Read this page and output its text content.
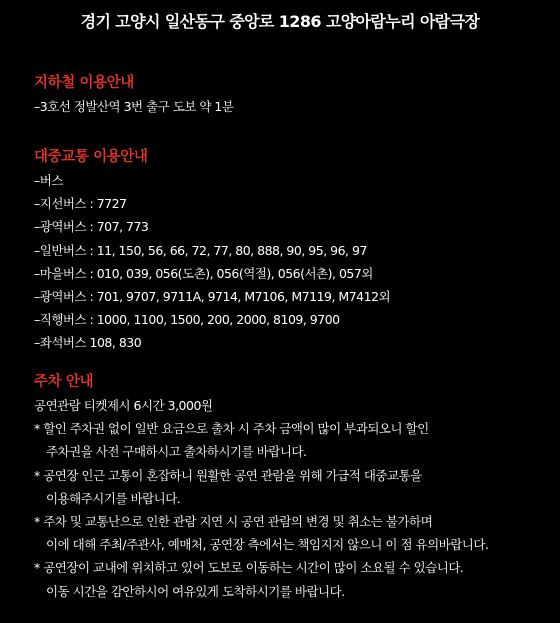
경기 고양시 일산동구 중앙로 1286 고양아람누리 아람극장
지하철 이용안내
–3호선 정발산역 3번 출구 도보 약 1분
대중교통 이용안내
–버스
–지선버스 : 7727
–광역버스 : 707, 773
–일반버스 : 11, 150, 56, 66, 72, 77, 80, 888, 90, 95, 96, 97
–마을버스 : 010, 039, 056(도촌), 056(역절), 056(서촌), 057외
–광역버스 : 701, 9707, 9711A, 9714, M7106, M7119, M7412외
–직행버스 : 1000, 1100, 1500, 200, 2000, 8109, 9700
–좌석버스 108, 830
주차 안내
공연관람 티켓제시 6시간 3,000원
* 할인 주차권 없이 일반 요금으로 출차 시 주차 금액이 많이 부과되오니 할인
주차권을 사전 구매하시고 출차하시기를 바랍니다.
* 공연장 인근 고통이 혼잡하니 원활한 공연 관람을 위해 가급적 대중교통을
이용해주시기를 바랍니다.
* 주차 및 교통난으로 인한 관람 지연 시 공연 관람의 변경 및 취소는 불가하며
이에 대해 주최/주관사, 예매처, 공연장 측에서는 책임지지 않으니 이 점 유의바랍니다.
* 공연장이 교내에 위치하고 있어 도보로 이동하는 시간이 많이 소요될 수 있습니다.
이동 시간을 감안하시어 여유있게 도착하시기를 바랍니다.
